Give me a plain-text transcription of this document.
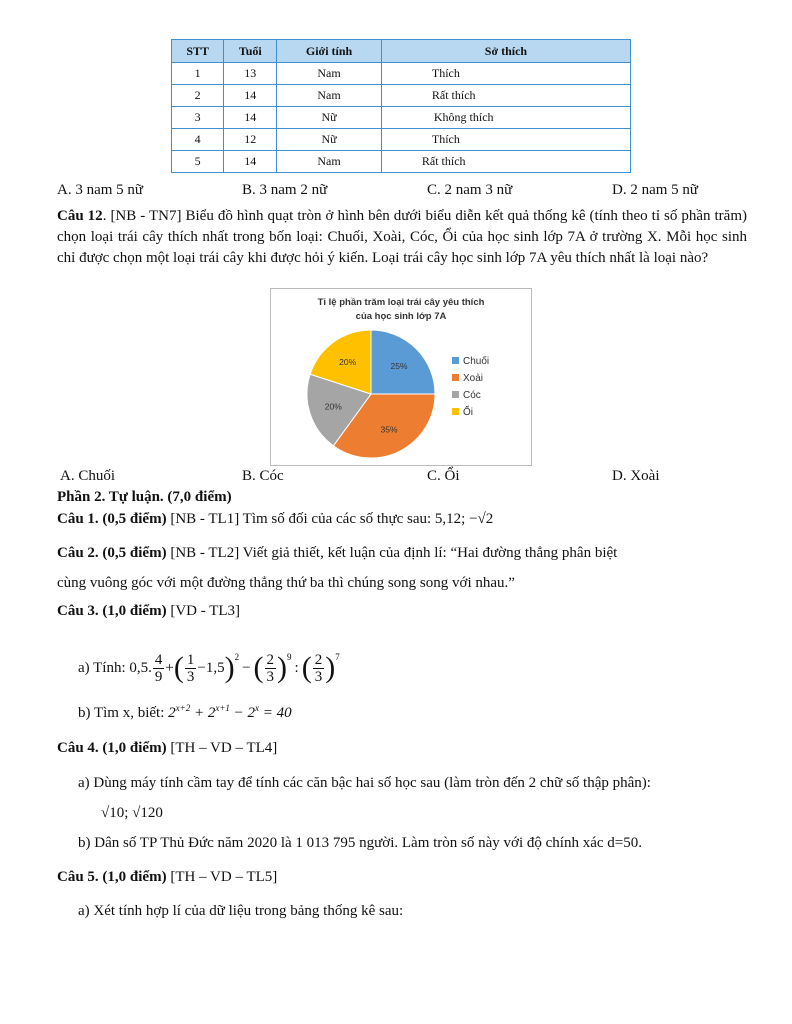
STT	Tuổi	Giới tính	Sở thích
1	13	Nam	Thích
2	14	Nam	Rất thích
3	14	Nữ	Không thích
4	12	Nữ	Thích
5	14	Nam	Rất thích
A. 3 nam 5 nữ	B. 3 nam 2 nữ	C. 2 nam 3 nữ	D. 2 nam 5 nữ
Câu 12. [NB - TN7] Biểu đồ hình quạt tròn ở hình bên dưới biểu diễn kết quả thống kê (tính theo tỉ số phần trăm) chọn loại trái cây thích nhất trong bốn loại: Chuối, Xoài, Cóc, Ổi của học sinh lớp 7A ở trường X. Mỗi học sinh chỉ được chọn một loại trái cây khi được hỏi ý kiến. Loại trái cây học sinh lớp 7A yêu thích nhất là loại nào?
Tỉ lệ phần trăm loại trái cây yêu thích
của học sinh lớp 7A
25%
35%
20%
20%	Chuối
Xoài
Cóc
Ổi
A. Chuối	B. Cóc	C. Ổi	D. Xoài
Phần 2. Tự luận. (7,0 điểm)
Câu 1. (0,5 điểm) [NB - TL1] Tìm số đối của các số thực sau: 5,12; −√2
Câu 2. (0,5 điểm) [NB - TL2] Viết giả thiết, kết luận của định lí: “Hai đường thẳng phân biệt
cùng vuông góc với một đường thẳng thứ ba thì chúng song song với nhau.”
Câu 3. (1,0 điểm) [VD - TL3]
a) Tính: 0,5. $\frac{4}{9}$ + ( $\frac{1}{3} -1,5$ )$^2$
− ( $\frac{2}{3} )^9$
: ( $\frac{2}{3} )^7$
b) Tìm x, biết: $2^{x+2} + 2^{x+1} - 2^x = 40$
Câu 4. (1,0 điểm) [TH – VD – TL4]
a) Dùng máy tính cầm tay để tính các căn bậc hai số học sau (làm tròn đến 2 chữ số thập phân):
√10; √120
b) Dân số TP Thủ Đức năm 2020 là 1 013 795 người. Làm tròn số này với độ chính xác d=50.
Câu 5. (1,0 điểm) [TH – VD – TL5]
a) Xét tính hợp lí của dữ liệu trong bảng thống kê sau:
